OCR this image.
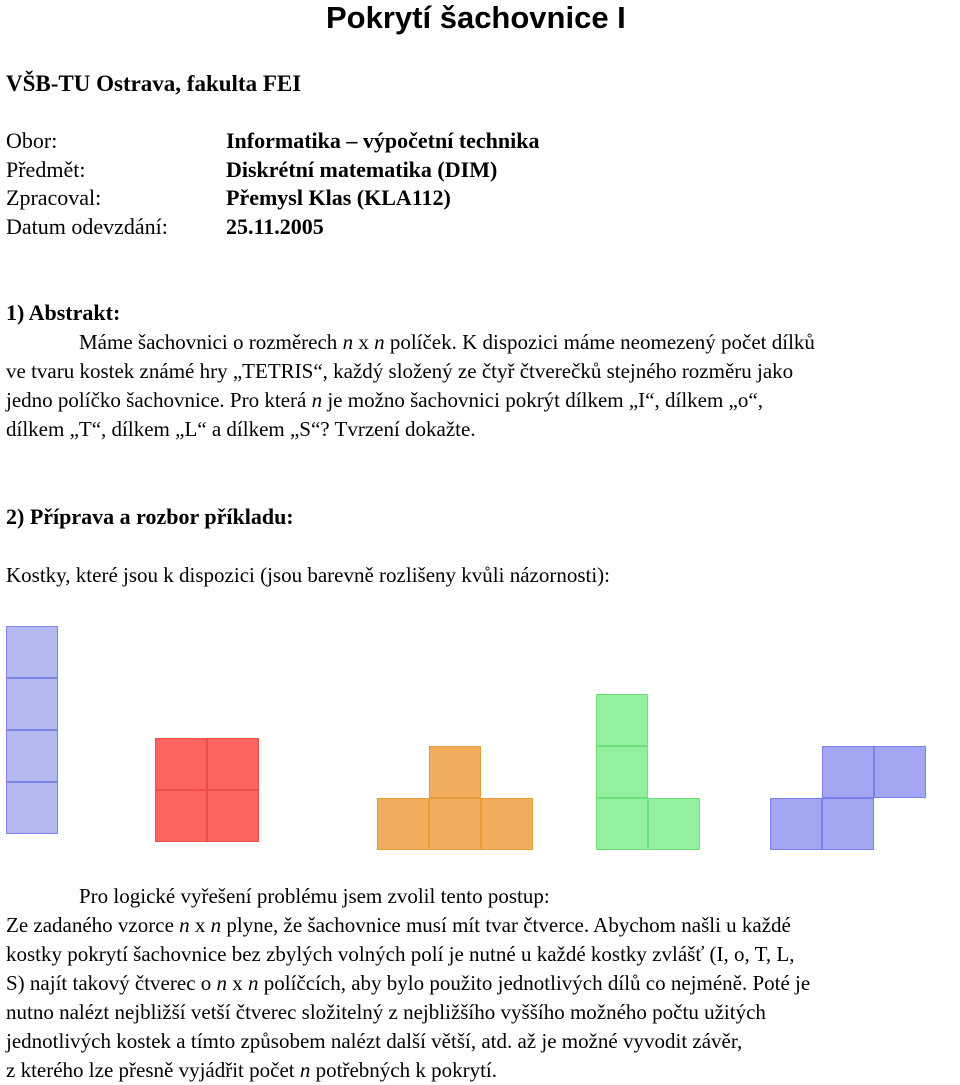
Pokrytí šachovnice I
VŠB-TU Ostrava, fakulta FEI
Obor:	Informatika – výpočetní technika
Předmět:	Diskrétní matematika (DIM)
Zpracoval:	Přemysl Klas (KLA112)
Datum odevzdání:	25.11.2005
1) Abstrakt:

Máme šachovnici o rozměrech n x n políček. K dispozici máme neomezený počet dílků

ve tvaru kostek známé hry „TETRIS“, každý složený ze čtyř čtverečků stejného rozměru jako

jedno políčko šachovnice. Pro která n je možno šachovnici pokrýt dílkem „I“, dílkem „o“,

dílkem „T“, dílkem „L“ a dílkem „S“? Tvrzení dokažte.

2) Příprava a rozbor příkladu:
Kostky, které jsou k dispozici (jsou barevně rozlišeny kvůli názornosti):

Pro logické vyřešení problému jsem zvolil tento postup:

Ze zadaného vzorce n x n plyne, že šachovnice musí mít tvar čtverce. Abychom našli u každé

kostky pokrytí šachovnice bez zbylých volných polí je nutné u každé kostky zvlášť (I, o, T, L,

S) najít takový čtverec o n x n políčcích, aby bylo použito jednotlivých dílů co nejméně. Poté je

nutno nalézt nejbližší vetší čtverec složitelný z nejbližšího vyššího možného počtu užitých

jednotlivých kostek a tímto způsobem nalézt další větší, atd. až je možné vyvodit závěr,

z kterého lze přesně vyjádřit počet n potřebných k pokrytí.
